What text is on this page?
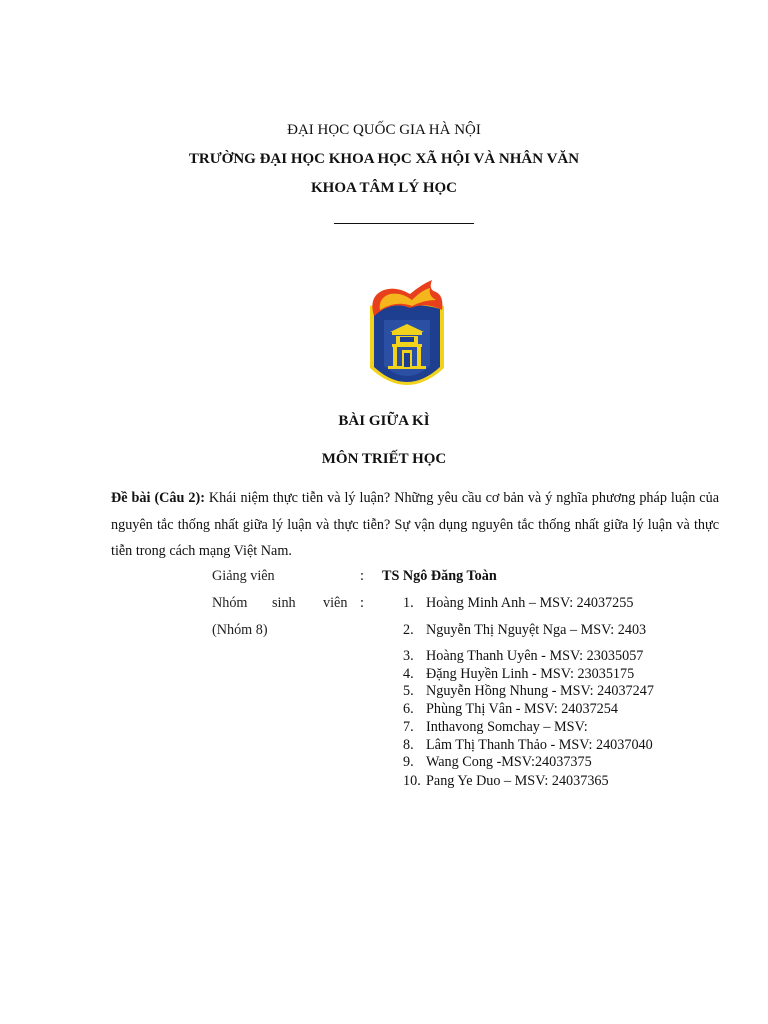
ĐẠI HỌC QUỐC GIA HÀ NỘI
TRƯỜNG ĐẠI HỌC KHOA HỌC XÃ HỘI VÀ NHÂN VĂN
KHOA TÂM LÝ HỌC
BÀI GIỮA KÌ
MÔN TRIẾT HỌC
Đề bài (Câu 2): Khái niệm thực tiễn và lý luận? Những yêu cầu cơ bản và ý nghĩa phương pháp luận của nguyên tắc thống nhất giữa lý luận và thực tiễn? Sự vận dụng nguyên tắc thống nhất giữa lý luận và thực tiễn trong cách mạng Việt Nam.
Giảng viên	: TS Ngô Đăng Toàn
Nhóm sinh viên :
(Nhóm 8)
1. Hoàng Minh Anh – MSV: 24037255
2. Nguyễn Thị Nguyệt Nga – MSV: 2403
3. Hoàng Thanh Uyên - MSV: 23035057
4. Đặng Huyền Linh - MSV: 23035175
5. Nguyễn Hồng Nhung - MSV: 24037247
6. Phùng Thị Vân - MSV: 24037254
7. Inthavong Somchay – MSV:
8. Lâm Thị Thanh Thảo - MSV: 24037040
9. Wang Cong -MSV:24037375
10. Pang Ye Duo – MSV: 24037365
